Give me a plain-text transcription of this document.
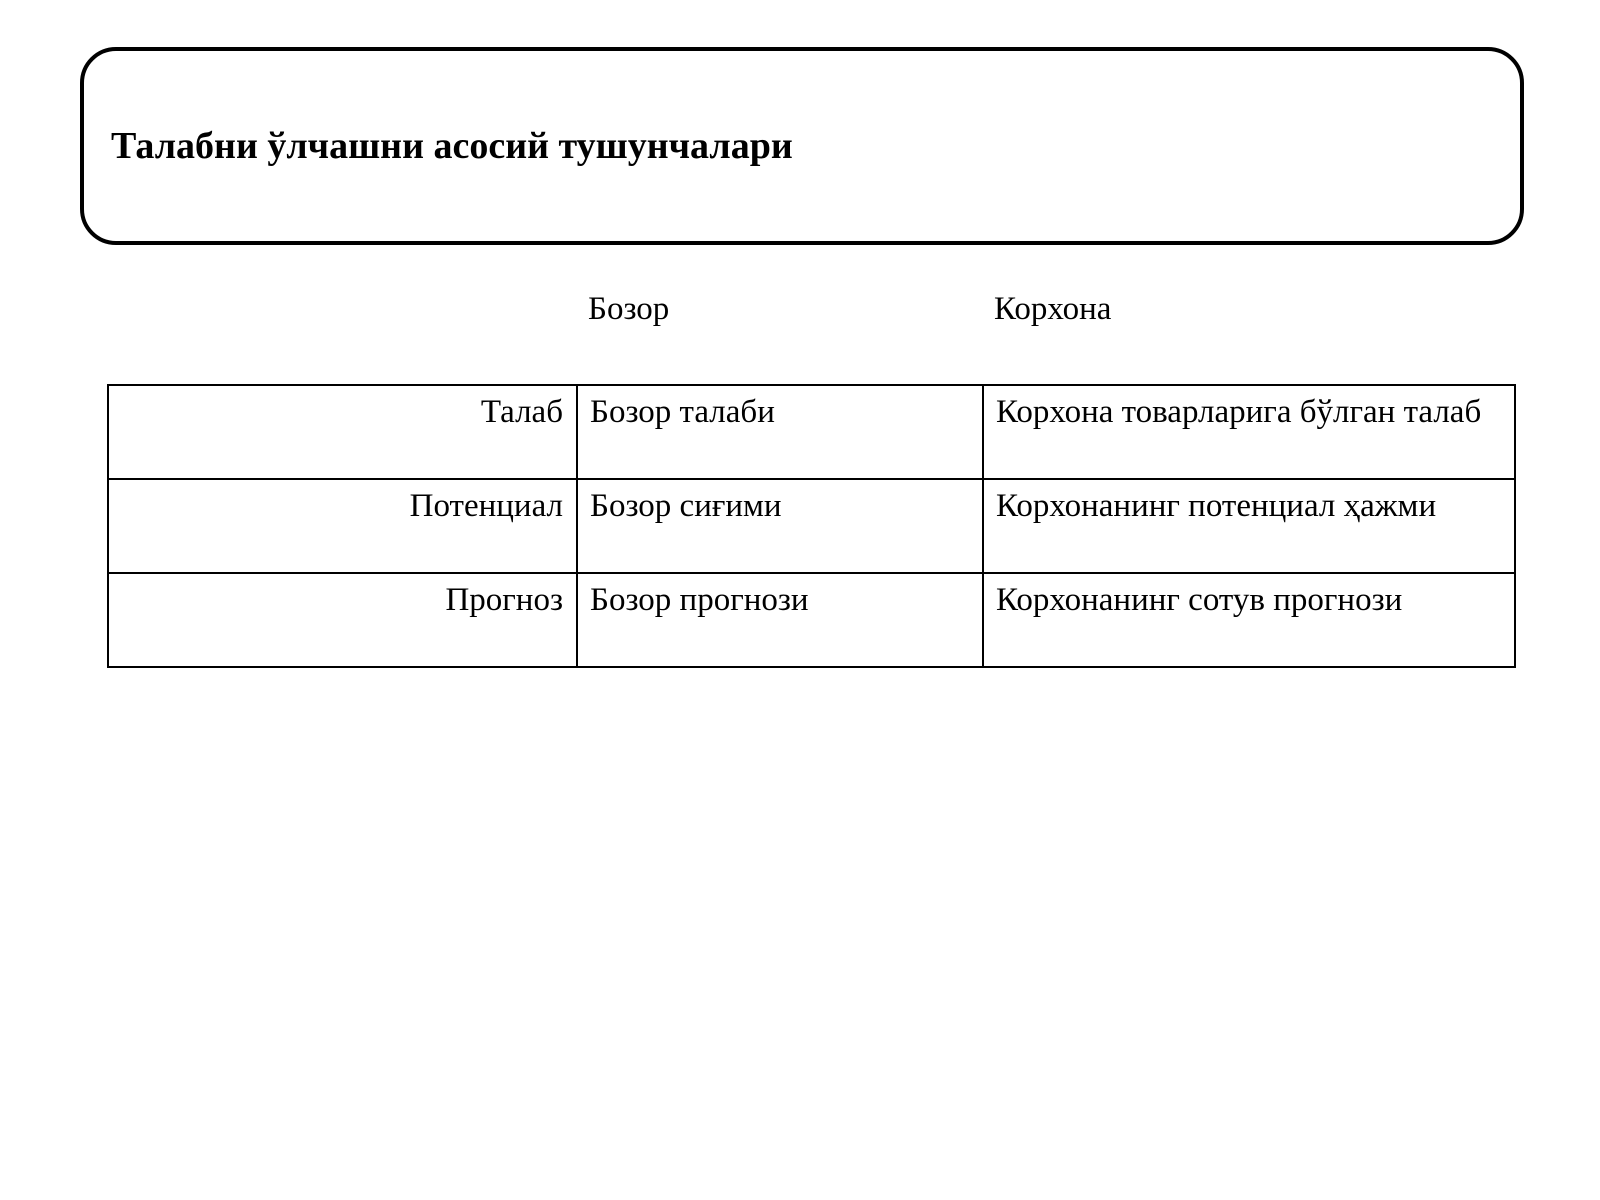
Талабни ўлчашни асосий тушунчалари
Бозор	Корхона
Талаб	Бозор талаби	Корхона товарларига бўлган талаб
Потенциал	Бозор сиғими	Корхонанинг потенциал ҳажми
Прогноз	Бозор прогнози	Корхонанинг сотув прогнози
